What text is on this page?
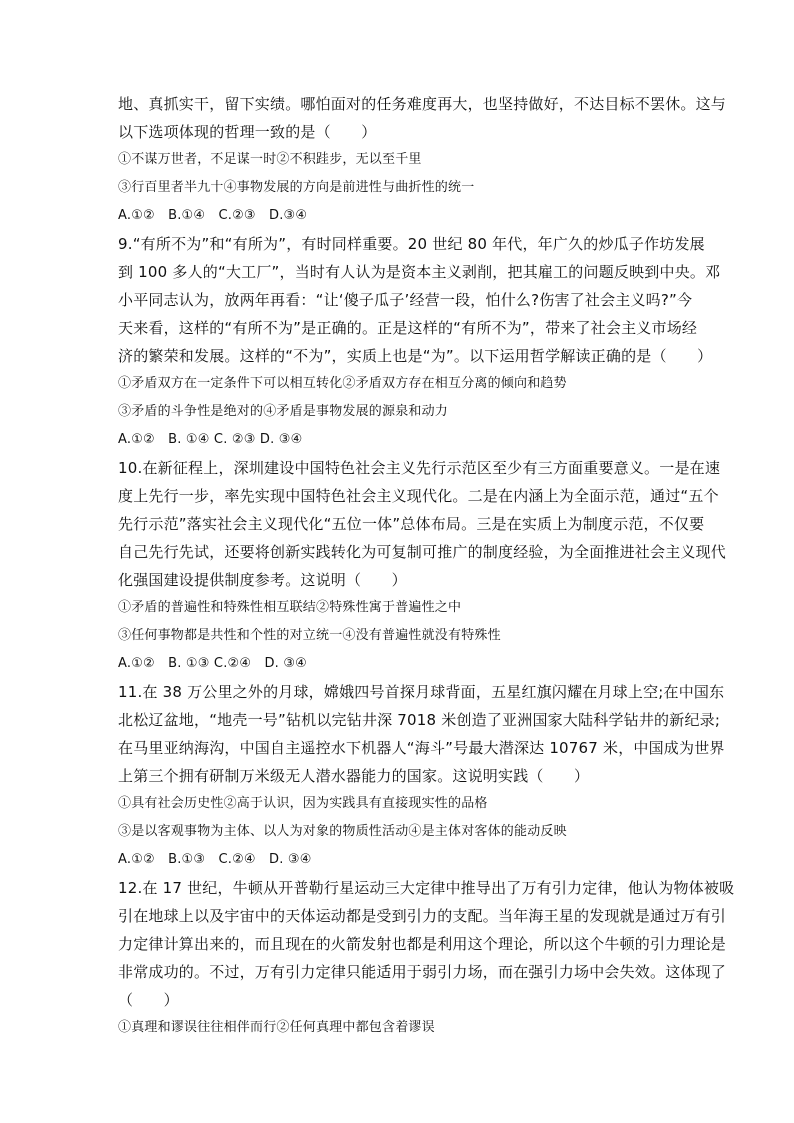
地、真抓实干，留下实绩。哪怕面对的任务难度再大，也坚持做好，不达目标不罢休。这与
以下选项体现的哲理一致的是（　　）
①不谋万世者，不足谋一时②不积跬步，无以至千里
③行百里者半九十④事物发展的方向是前进性与曲折性的统一
A.①②　B.①④　C.②③　D.③④
9.“有所不为”和“有所为”，有时同样重要。20 世纪 80 年代，年广久的炒瓜子作坊发展
到 100 多人的“大工厂”，当时有人认为是资本主义剥削，把其雇工的问题反映到中央。邓
小平同志认为，放两年再看：“让‘傻子瓜子’经营一段，怕什么?伤害了社会主义吗?”今
天来看，这样的“有所不为”是正确的。正是这样的“有所不为”，带来了社会主义市场经
济的繁荣和发展。这样的“不为”，实质上也是“为”。以下运用哲学解读正确的是（　　）
①矛盾双方在一定条件下可以相互转化②矛盾双方存在相互分离的倾向和趋势
③矛盾的斗争性是绝对的④矛盾是事物发展的源泉和动力
A.①②　B. ①④ C. ②③ D. ③④
10.在新征程上，深圳建设中国特色社会主义先行示范区至少有三方面重要意义。一是在速
度上先行一步，率先实现中国特色社会主义现代化。二是在内涵上为全面示范，通过“五个
先行示范”落实社会主义现代化“五位一体”总体布局。三是在实质上为制度示范，不仅要
自己先行先试，还要将创新实践转化为可复制可推广的制度经验，为全面推进社会主义现代
化强国建设提供制度参考。这说明（　　）
①矛盾的普遍性和特殊性相互联结②特殊性寓于普遍性之中
③任何事物都是共性和个性的对立统一④没有普遍性就没有特殊性
A.①②　B. ①③ C.②④　D. ③④
11.在 38 万公里之外的月球，嫦娥四号首探月球背面，五星红旗闪耀在月球上空;在中国东
北松辽盆地，“地壳一号”钻机以完钻井深 7018 米创造了亚洲国家大陆科学钻井的新纪录;
在马里亚纳海沟，中国自主遥控水下机器人“海斗”号最大潜深达 10767 米，中国成为世界
上第三个拥有研制万米级无人潜水器能力的国家。这说明实践（　　）
①具有社会历史性②高于认识，因为实践具有直接现实性的品格
③是以客观事物为主体、以人为对象的物质性活动④是主体对客体的能动反映
A.①②　B.①③　C.②④　D. ③④
12.在 17 世纪，牛顿从开普勒行星运动三大定律中推导出了万有引力定律，他认为物体被吸
引在地球上以及宇宙中的天体运动都是受到引力的支配。当年海王星的发现就是通过万有引
力定律计算出来的，而且现在的火箭发射也都是利用这个理论，所以这个牛顿的引力理论是
非常成功的。不过，万有引力定律只能适用于弱引力场，而在强引力场中会失效。这体现了
（　　）
①真理和谬误往往相伴而行②任何真理中都包含着谬误
